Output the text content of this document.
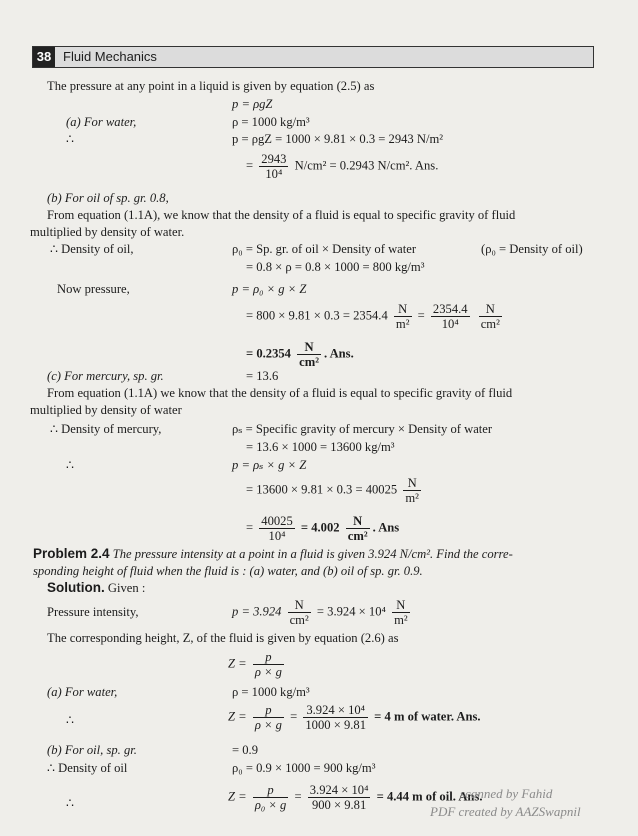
38 Fluid Mechanics
The pressure at any point in a liquid is given by equation (2.5) as
p = ρgZ
(a) For water,	ρ = 1000 kg/m³
∴	p = ρgZ = 1000 × 9.81 × 0.3 = 2943 N/m²
= $\frac{2943}{\text{10⁴}} N/cm^2 = 0.2943$ N/cm². Ans.
(b) For oil of sp. gr. 0.8,
From equation (1.1A), we know that the density of a fluid is equal to specific gravity of fluid
multiplied by density of water.
∴ Density of oil,	ρ₀ = Sp. gr. of oil × Density of water	(ρ₀ = Density of oil)
= 0.8 × ρ = 0.8 × 1000 = 800 kg/m³
Now pressure,	p = ρ₀ × g × Z
= $800 \times 9.81 \times 0.3 = 2354.4 \frac{N}{\text{m²}} = \frac{2354.4}{\text{10⁴}}$
$\frac{N}{\text{cm²}}$
= $0.2354 \frac{N}{\text{cm²}}$ . Ans.
(c) For mercury, sp. gr.	= 13.6
From equation (1.1A) we know that the density of a fluid is equal to specific gravity of fluid
multiplied by density of water
∴ Density of mercury,	ρₛ = Specific gravity of mercury × Density of water
= 13.6 × 1000 = 13600 kg/m³
∴	p = ρₛ × g × Z
= $13600 \times 9.81 \times 0.3 = 40025 \frac{N}{\text{m²}}$
= $\frac{40025}{\text{10⁴}} = 4.002 \frac{N}{\text{cm²}}$ . Ans
Problem 2.4 The pressure intensity at a point in a fluid is given 3.924 N/cm². Find the corre-
sponding height of fluid when the fluid is : (a) water, and (b) oil of sp. gr. 0.9.
Solution. Given :
Pressure intensity,	$p = 3.924 \frac{N}{\text{cm²}} = 3.924 \times 10^4 \frac{N}{\text{m²}}$
The corresponding height, Z, of the fluid is given by equation (2.6) as
$Z = \frac{p}{\rho \times g}$
(a) For water,	ρ = 1000 kg/m³
∴	$Z = \frac{p}{\rho \times g} = \frac{\text{3.924 × 10⁴}}{1000 \times 9.81} = 4$ m of water. Ans.
(b) For oil, sp. gr.	= 0.9
∴ Density of oil	ρ₀ = 0.9 × 1000 = 900 kg/m³
∴	$Z = \frac{p}{\text{ρ₀ × g}} = \frac{\text{3.924 × 10⁴}}{900 \times 9.81} = 4.44$ m of oil. Ans.
scanned by Fahid
PDF created by AAZSwapnil
